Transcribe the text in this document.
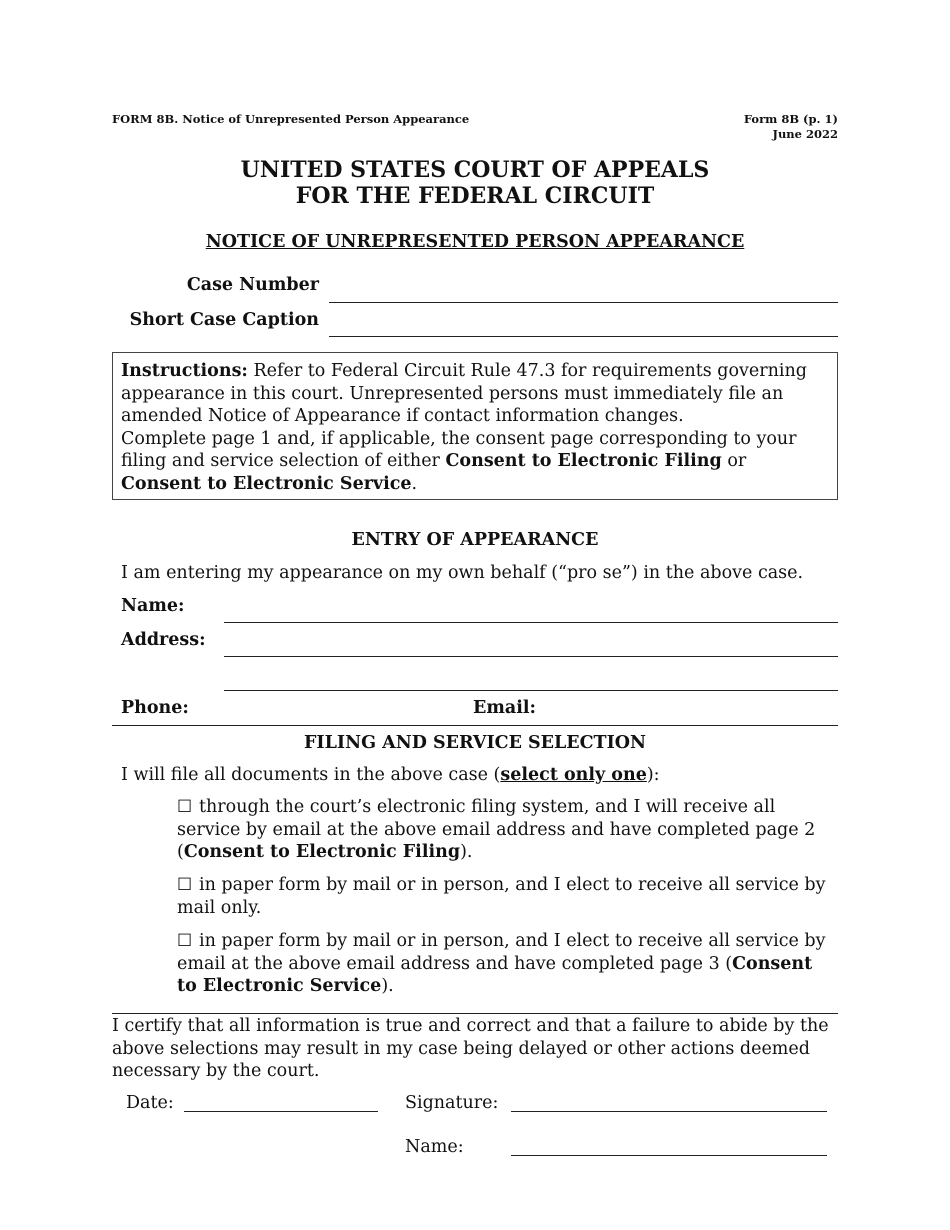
FORM 8B. Notice of Unrepresented Person Appearance	Form 8B (p. 1)
June 2022
UNITED STATES COURT OF APPEALS
FOR THE FEDERAL CIRCUIT
NOTICE OF UNREPRESENTED PERSON APPEARANCE
Case Number
Short Case Caption
Instructions: Refer to Federal Circuit Rule 47.3 for requirements governing appearance in this court. Unrepresented persons must immediately file an amended Notice of Appearance if contact information changes.
Complete page 1 and, if applicable, the consent page corresponding to your filing and service selection of either Consent to Electronic Filing or Consent to Electronic Service.
ENTRY OF APPEARANCE
I am entering my appearance on my own behalf (“pro se”) in the above case.
Name:
Address:
Phone:	Email:
FILING AND SERVICE SELECTION
I will file all documents in the above case (select only one):
☐ through the court’s electronic filing system, and I will receive all service by email at the above email address and have completed page 2 (Consent to Electronic Filing).
☐ in paper form by mail or in person, and I elect to receive all service by mail only.
☐ in paper form by mail or in person, and I elect to receive all service by email at the above email address and have completed page 3 (Consent to Electronic Service).
I certify that all information is true and correct and that a failure to abide by the above selections may result in my case being delayed or other actions deemed necessary by the court.
Date:	Signature:
Name:
